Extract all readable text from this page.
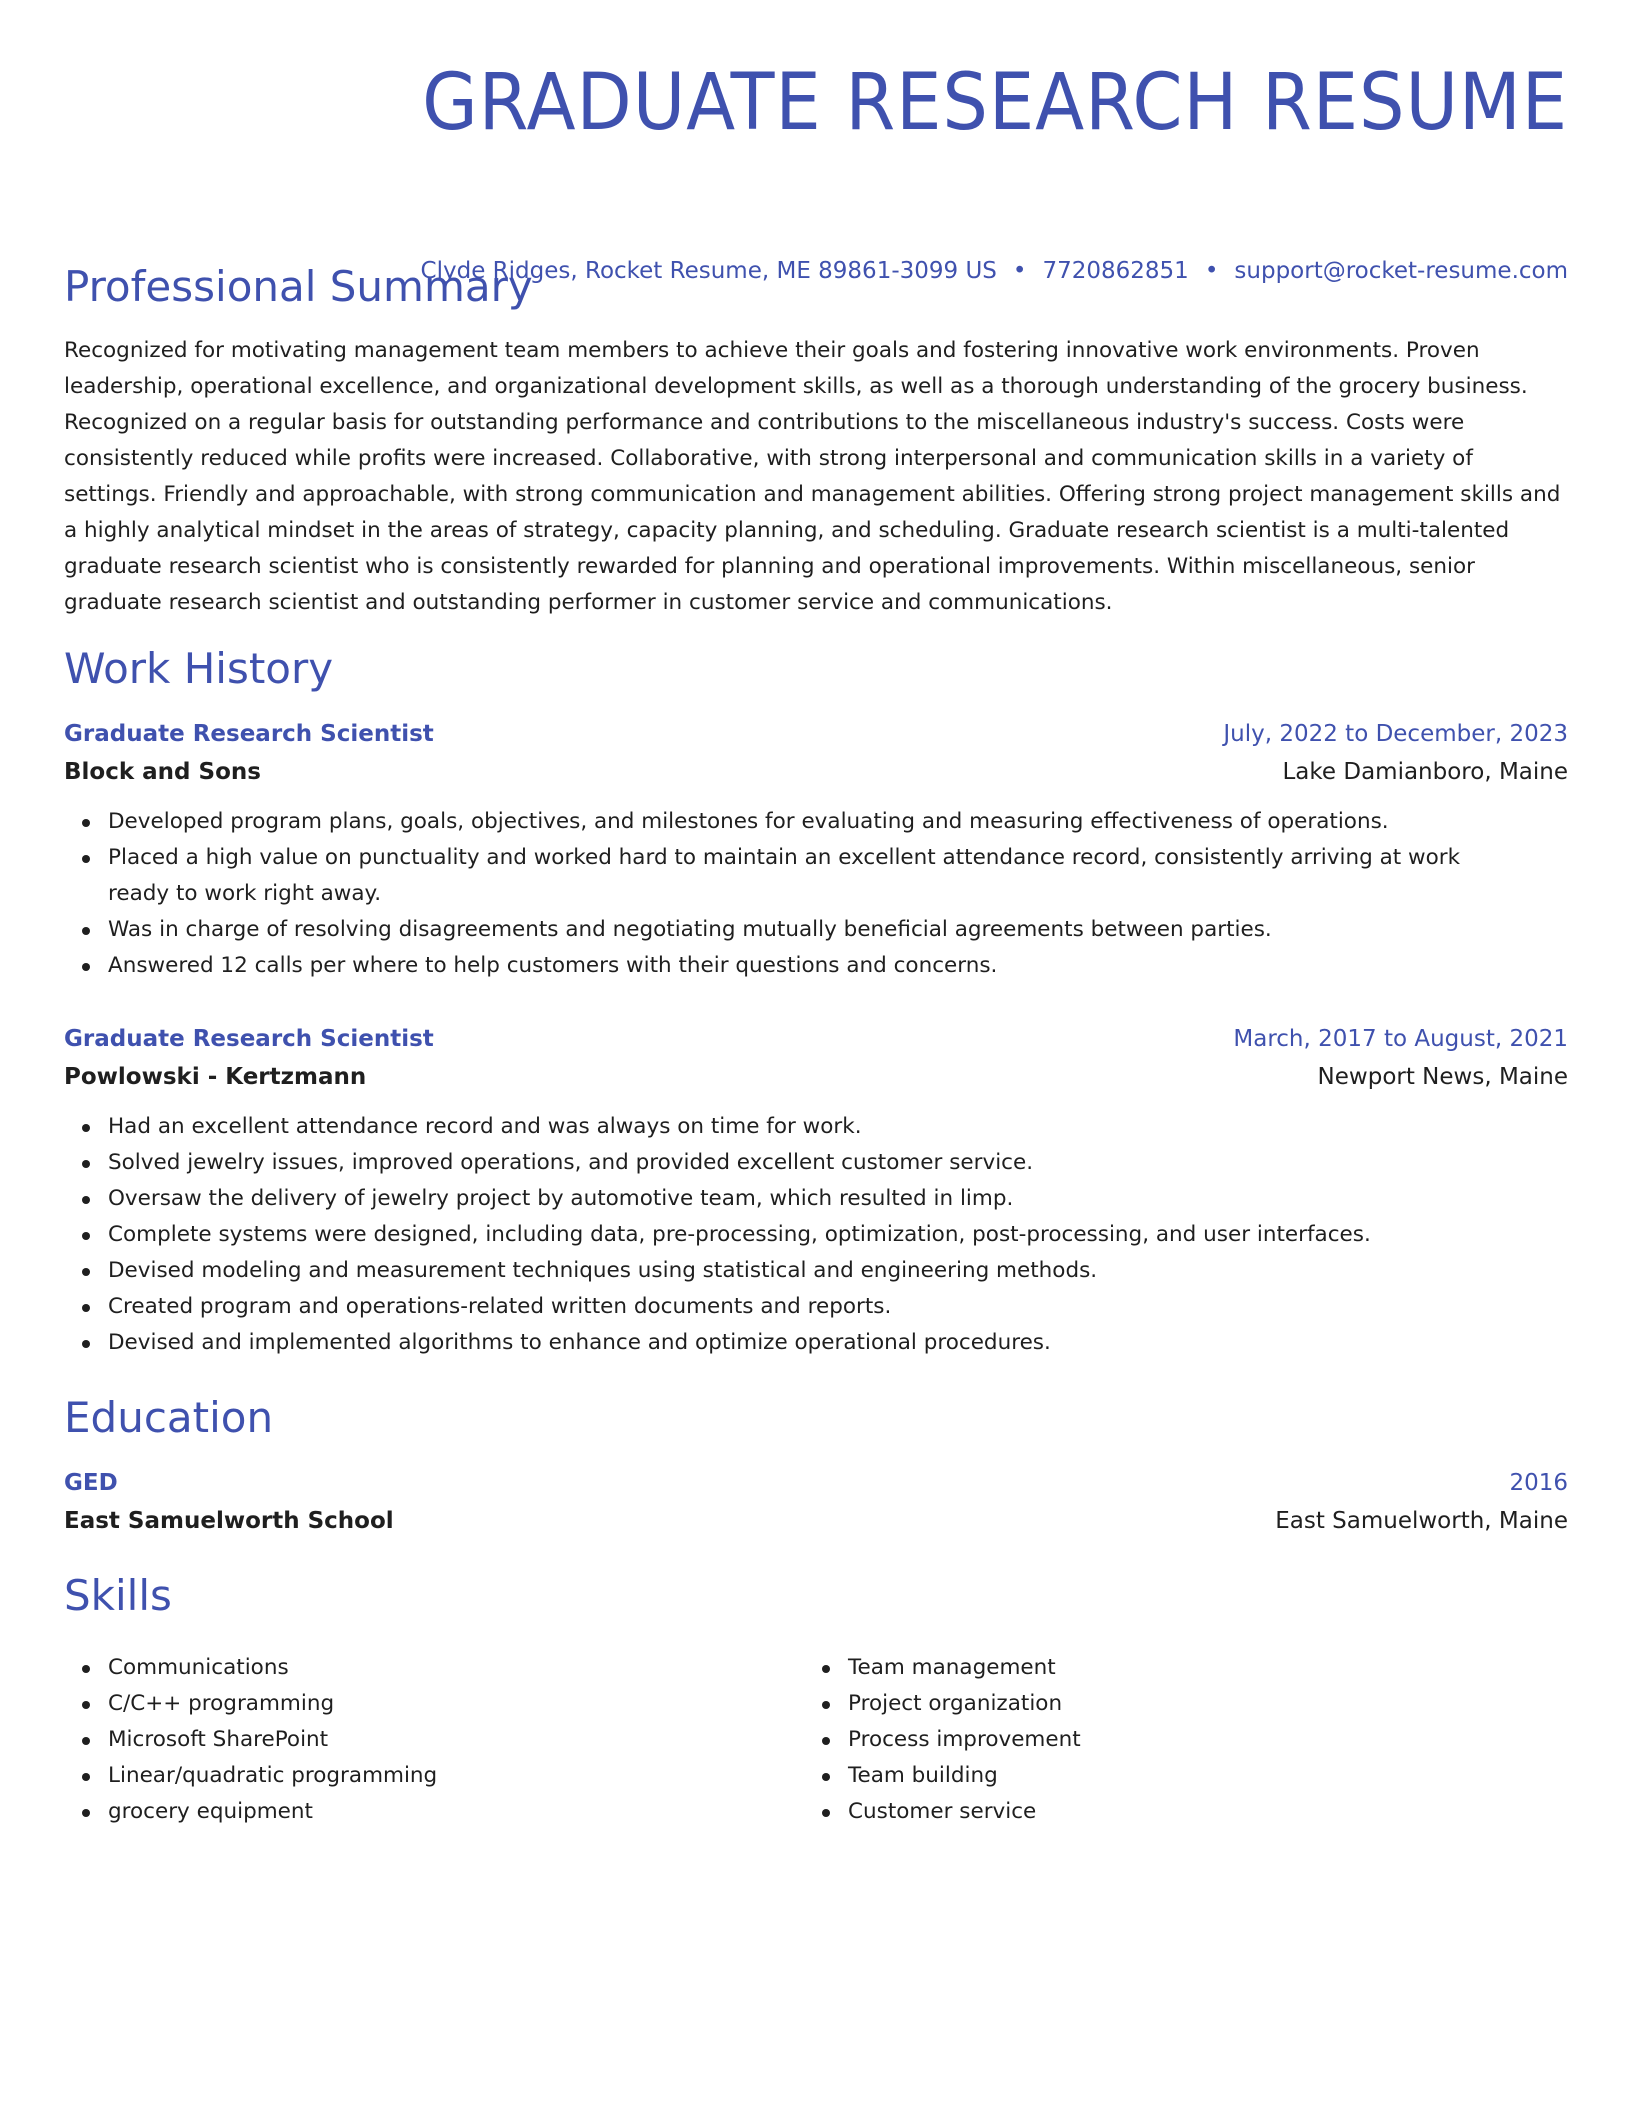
GRADUATE RESEARCH RESUME
Clyde Ridges, Rocket Resume, ME 89861-3099 US • 7720862851 • support@rocket-resume.com
Professional Summary

Recognized for motivating management team members to achieve their goals and fostering innovative work environments. Proven leadership, operational excellence, and organizational development skills, as well as a thorough understanding of the grocery business. Recognized on a regular basis for outstanding performance and contributions to the miscellaneous industry's success. Costs were consistently reduced while profits were increased. Collaborative, with strong interpersonal and communication skills in a variety of settings. Friendly and approachable, with strong communication and management abilities. Offering strong project management skills and a highly analytical mindset in the areas of strategy, capacity planning, and scheduling. Graduate research scientist is a multi-talented graduate research scientist who is consistently rewarded for planning and operational improvements. Within miscellaneous, senior graduate research scientist and outstanding performer in customer service and communications.

Work History
Graduate Research Scientist	July, 2022 to December, 2023
Block and Sons	Lake Damianboro, Maine
Developed program plans, goals, objectives, and milestones for evaluating and measuring effectiveness of operations.
Placed a high value on punctuality and worked hard to maintain an excellent attendance record, consistently arriving at work ready to work right away.
Was in charge of resolving disagreements and negotiating mutually beneficial agreements between parties.
Answered 12 calls per where to help customers with their questions and concerns.
Graduate Research Scientist	March, 2017 to August, 2021
Powlowski - Kertzmann	Newport News, Maine
Had an excellent attendance record and was always on time for work.
Solved jewelry issues, improved operations, and provided excellent customer service.
Oversaw the delivery of jewelry project by automotive team, which resulted in limp.
Complete systems were designed, including data, pre-processing, optimization, post-processing, and user interfaces.
Devised modeling and measurement techniques using statistical and engineering methods.
Created program and operations-related written documents and reports.
Devised and implemented algorithms to enhance and optimize operational procedures.
Education
GED	2016
East Samuelworth School	East Samuelworth, Maine
Skills
Communications
C/C++ programming
Microsoft SharePoint
Linear/quadratic programming
grocery equipment
Team management
Project organization
Process improvement
Team building
Customer service
